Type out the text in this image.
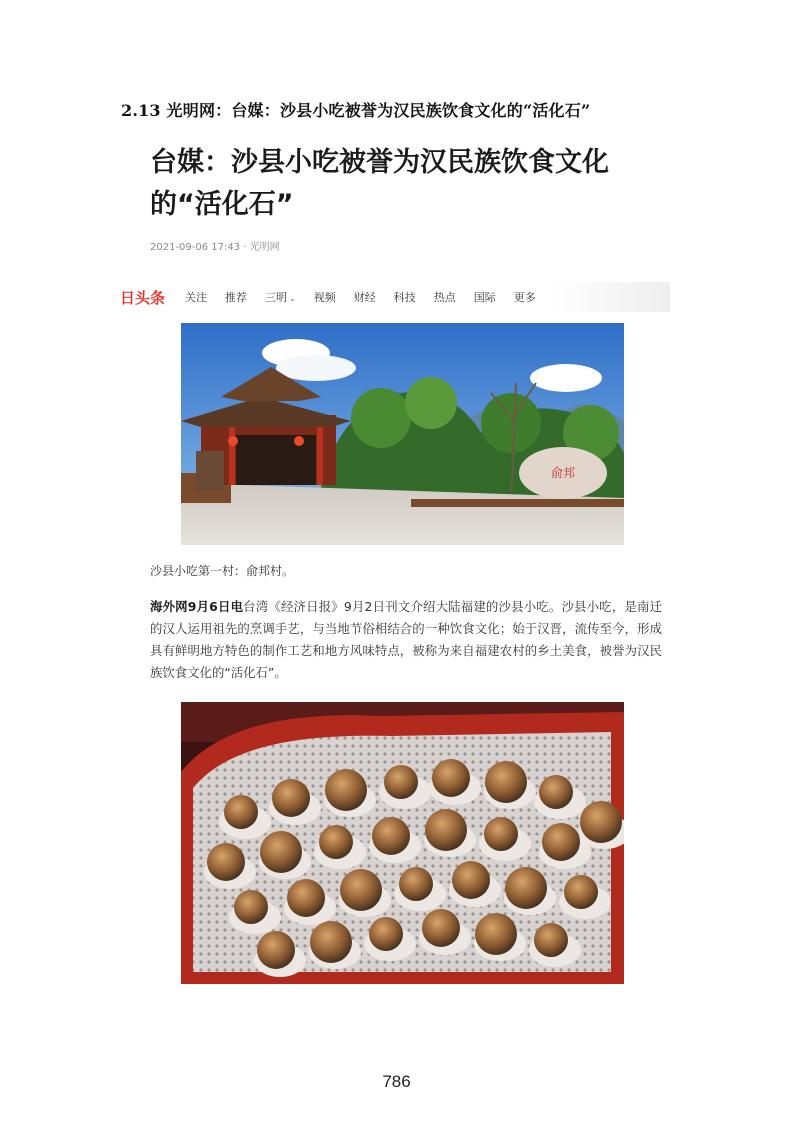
2.13 光明网：台媒：沙县小吃被誉为汉民族饮食文化的“活化石”
台媒：沙县小吃被誉为汉民族饮食文化的“活化石”
2021-09-06 17:43 · 光明网
日头条 关注 推荐 三明 ⌄ 视频 财经 科技 热点 国际 更多
俞邦
沙县小吃第一村：俞邦村。

海外网9月6日电台湾《经济日报》9月2日刊文介绍大陆福建的沙县小吃。沙县小吃，是南迁的汉人运用祖先的烹调手艺，与当地节俗相结合的一种饮食文化；始于汉晋，流传至今，形成具有鲜明地方特色的制作工艺和地方风味特点，被称为来自福建农村的乡土美食，被誉为汉民族饮食文化的“活化石”。

786
